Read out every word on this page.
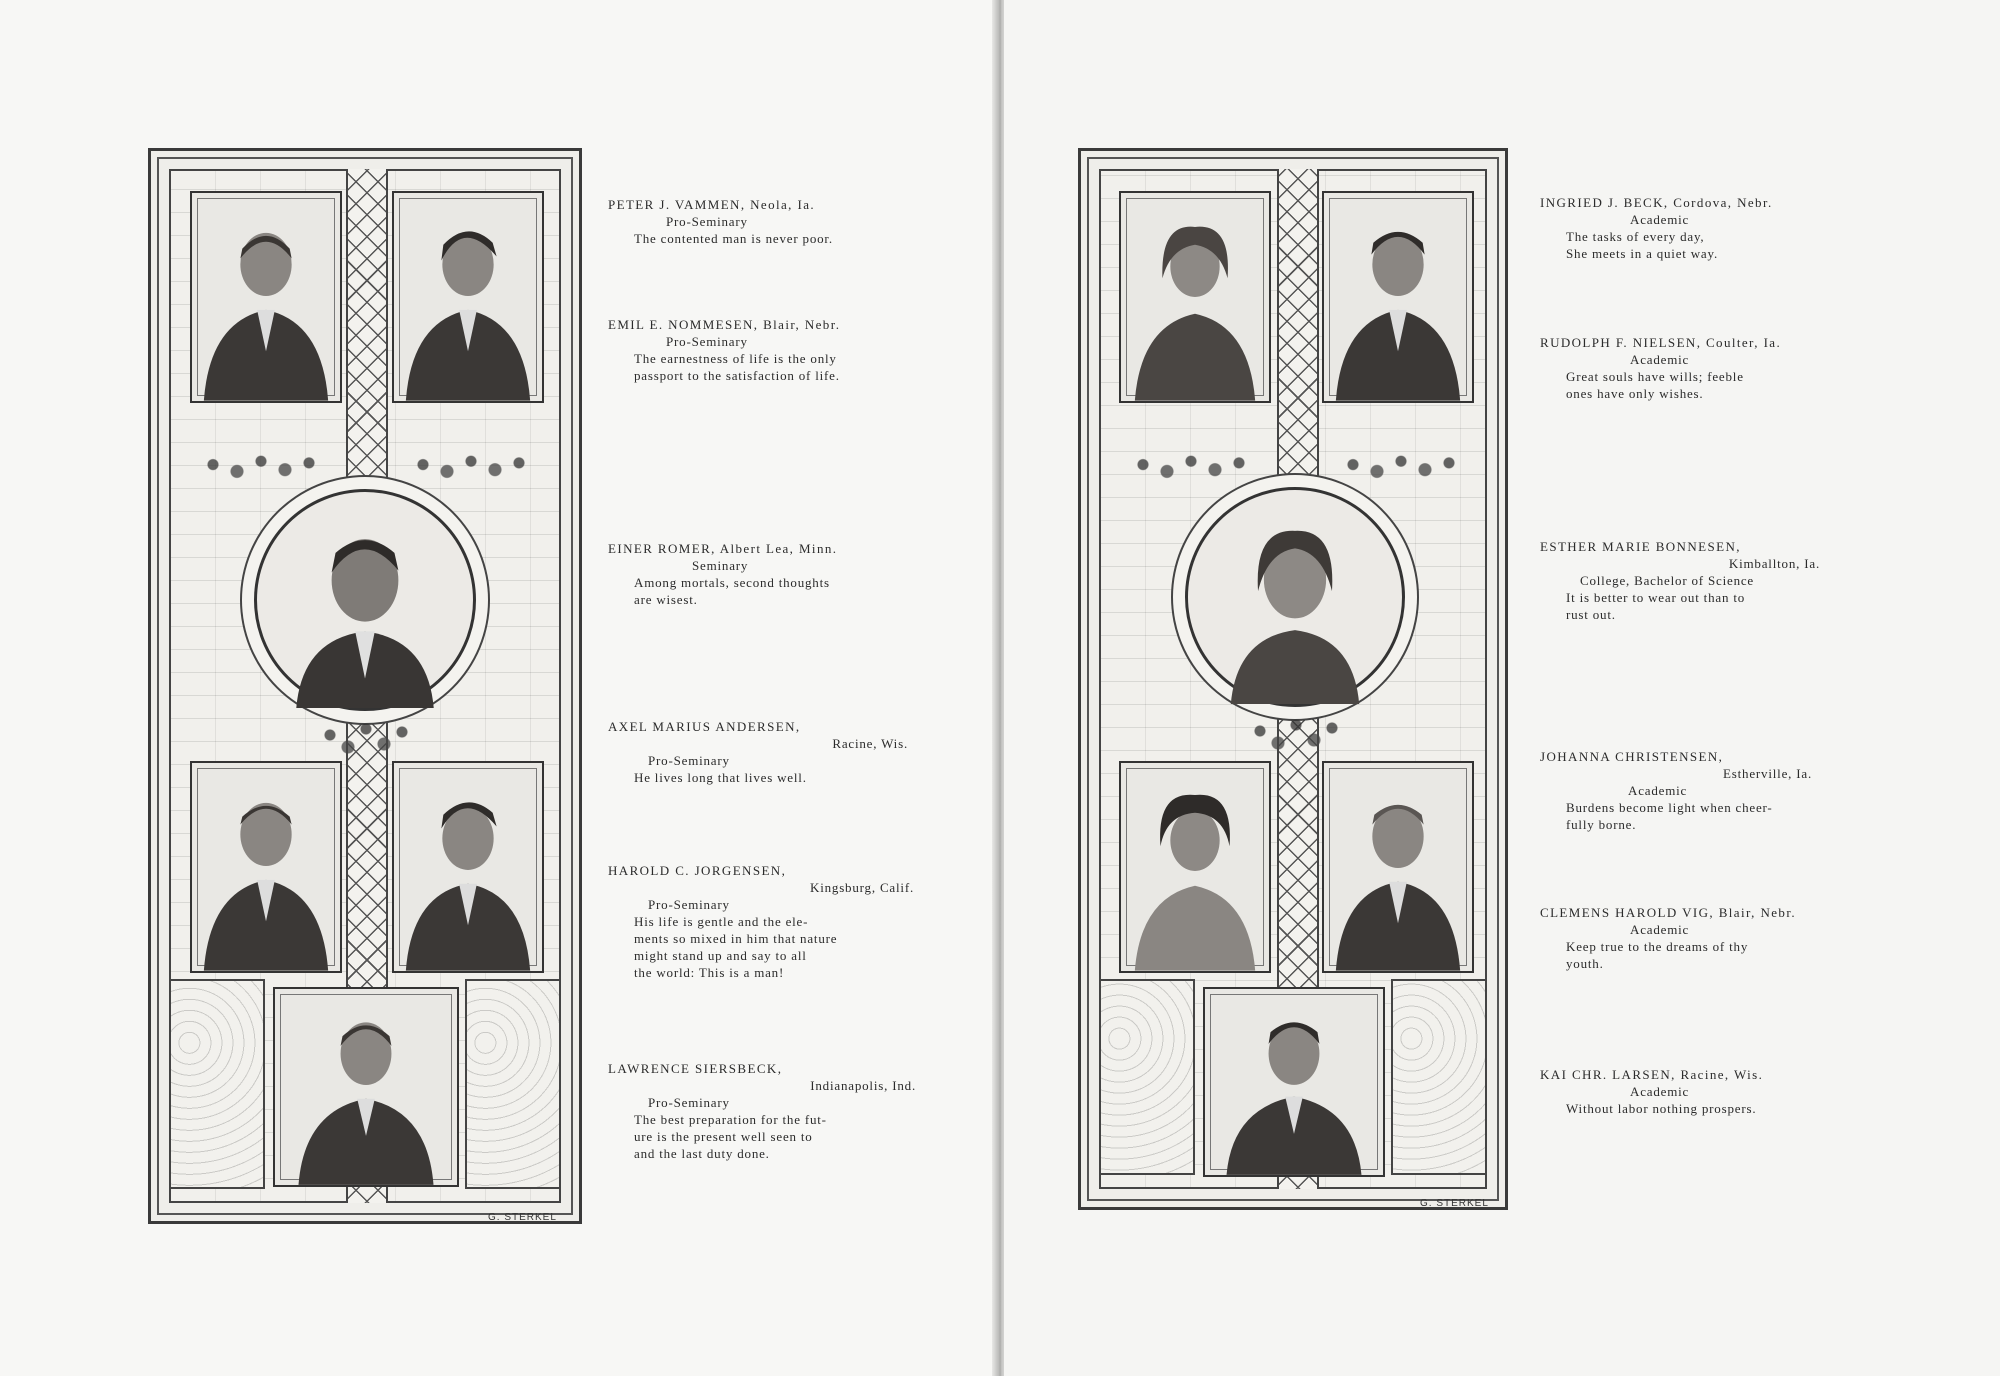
G. STERKEL
PETER J. VAMMEN, Neola, Ia.
Pro-Seminary
The contented man is never poor.
EMIL E. NOMMESEN, Blair, Nebr.
Pro-Seminary
The earnestness of life is the only
passport to the satisfaction of life.
EINER ROMER, Albert Lea, Minn.
Seminary
Among mortals, second thoughts
are wisest.
AXEL MARIUS ANDERSEN,
Racine, Wis.
Pro-Seminary
He lives long that lives well.
HAROLD C. JORGENSEN,
Kingsburg, Calif.
Pro-Seminary
His life is gentle and the ele-
ments so mixed in him that nature
might stand up and say to all
the world: This is a man!
LAWRENCE SIERSBECK,
Indianapolis, Ind.
Pro-Seminary
The best preparation for the fut-
ure is the present well seen to
and the last duty done.
G. STERKEL
INGRIED J. BECK, Cordova, Nebr.
Academic
The tasks of every day,
She meets in a quiet way.
RUDOLPH F. NIELSEN, Coulter, Ia.
Academic
Great souls have wills; feeble
ones have only wishes.
ESTHER MARIE BONNESEN,
Kimballton, Ia.
College, Bachelor of Science
It is better to wear out than to
rust out.
JOHANNA CHRISTENSEN,
Estherville, Ia.
Academic
Burdens become light when cheer-
fully borne.
CLEMENS HAROLD VIG, Blair, Nebr.
Academic
Keep true to the dreams of thy
youth.
KAI CHR. LARSEN, Racine, Wis.
Academic
Without labor nothing prospers.
